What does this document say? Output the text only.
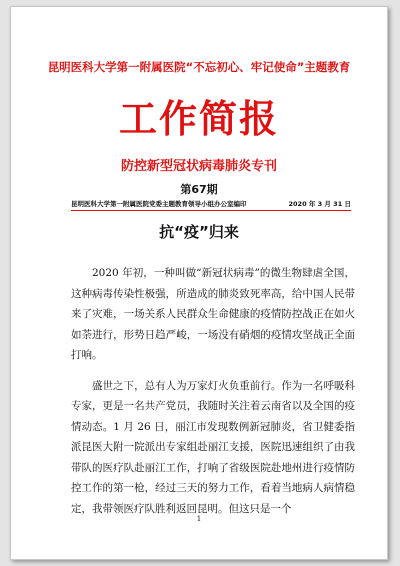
昆明医科大学第一附属医院“不忘初心、牢记使命”主题教育
工作简报
防控新型冠状病毒肺炎专刊
第67期
昆明医科大学第一附属医院党委主题教育领导小组办公室编印	2020 年 3 月 31 日
抗“疫”归来

2020 年初，一种叫做“新冠状病毒”的微生物肆虐全国，这种病毒传染性极强，所造成的肺炎致死率高，给中国人民带来了灾难，一场关系人民群众生命健康的疫情防控战正在如火如荼进行，形势日趋严峻，一场没有硝烟的疫情攻坚战正全面打响。

盛世之下，总有人为万家灯火负重前行。作为一名呼吸科专家，更是一名共产党员，我随时关注着云南省以及全国的疫情动态。1 月 26 日，丽江市发现数例新冠肺炎，省卫健委指派昆医大附一院派出专家组赴丽江支援，医院迅速组织了由我带队的医疗队赴丽江工作，打响了省级医院赴地州进行疫情防控工作的第一枪，经过三天的努力工作，看着当地病人病情稳定，我带领医疗队胜利返回昆明。但这只是一个

1
